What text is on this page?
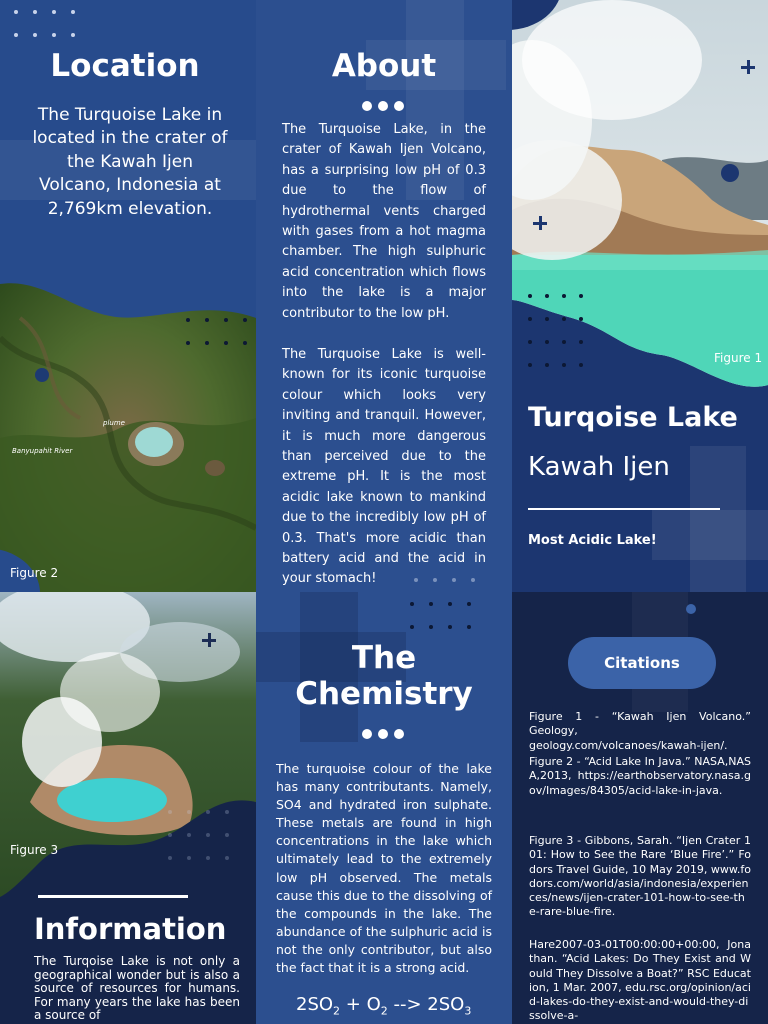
Location
The Turquoise Lake in located in the crater of the Kawah Ijen Volcano, Indonesia at 2,769km elevation.
plume
Banyupahit River
Figure 2
About
The Turquoise Lake, in the crater of Kawah Ijen Volcano, has a surprising low pH of 0.3 due to the flow of hydrothermal vents charged with gases from a hot magma chamber. The high sulphuric acid concentration which flows into the lake is a major contributor to the low pH.
The Turquoise Lake is well-known for its iconic turquoise colour which looks very inviting and tranquil. However, it is much more dangerous than perceived due to the extreme pH. It is the most acidic lake known to mankind due to the incredibly low pH of 0.3. That's more acidic than battery acid and the acid in your stomach!
Figure 1
Turqoise Lake
Kawah Ijen
Most Acidic Lake!
Figure 3
Information
The Turqoise Lake is not only a geographical wonder but is also a source of resources for humans. For many years the lake has been a source of
The
Chemistry
The turquoise colour of the lake has many contributants. Namely, SO4 and hydrated iron sulphate. These metals are found in high concentrations in the lake which ultimately lead to the extremely low pH observed. The metals cause this due to the dissolving of the compounds in the lake. The abundance of the sulphuric acid is not the only contributor, but also the fact that it is a strong acid.
$2SO_2 + O_2$ --> $2SO_3$
Citations
Figure 1 - “Kawah Ijen Volcano.” Geology, geology.com/volcanoes/kawah-ijen/.
Figure 2 - “Acid Lake In Java.” NASA,NASA,2013, https://earthobservatory.nasa.gov/Images/84305/acid-lake-in-java.
Figure 3 - Gibbons, Sarah. “Ijen Crater 101: How to See the Rare ‘Blue Fire’.” Fodors Travel Guide, 10 May 2019, www.fodors.com/world/asia/indonesia/experiences/news/ijen-crater-101-how-to-see-the-rare-blue-fire.
Hare2007-03-01T00:00:00+00:00, Jonathan. “Acid Lakes: Do They Exist and Would They Dissolve a Boat?” RSC Education, 1 Mar. 2007, edu.rsc.org/opinion/acid-lakes-do-they-exist-and-would-they-dissolve-a-
